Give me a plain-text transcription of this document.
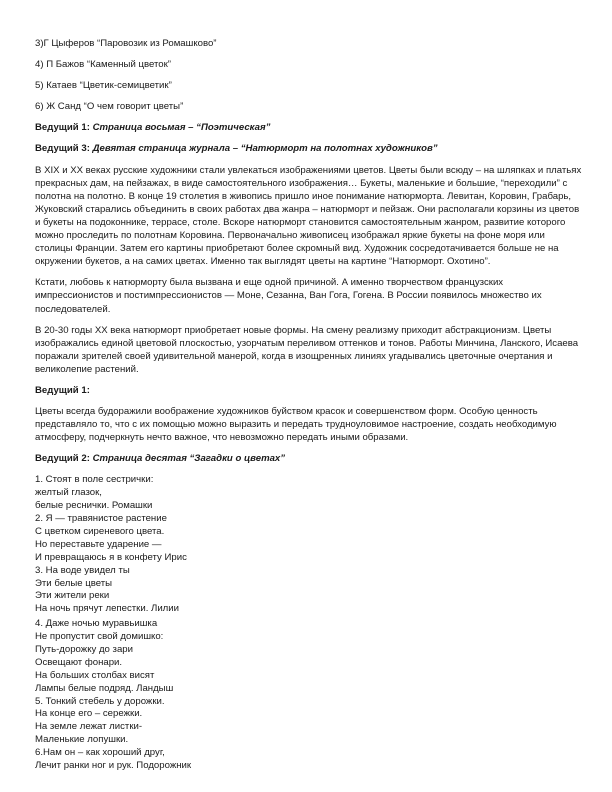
3)Г Цыферов “Паровозик из Ромашково”

4) П Бажов “Каменный цветок”

5) Катаев “Цветик-семицветик”

6) Ж Санд “О чем говорит цветы”

Ведущий 1: Страница восьмая – “Поэтическая”

Ведущий 3: Девятая страница журнала – “Натюрморт на полотнах художников”

В XIX и XX веках русские художники стали увлекаться изображениями цветов. Цветы были всюду – на шляпках и платьях прекрасных дам, на пейзажах, в виде самостоятельного изображения… Букеты, маленькие и большие, “переходили” с полотна на полотно. В конце 19 столетия в живопись пришло иное понимание натюрморта. Левитан, Коровин, Грабарь, Жуковский старались объединить в своих работах два жанра – натюрморт и пейзаж. Они располагали корзины из цветов и букеты на подоконнике, террасе, столе. Вскоре натюрморт становится самостоятельным жанром, развитие которого можно проследить по полотнам Коровина. Первоначально живописец изображал яркие букеты на фоне моря или столицы Франции. Затем его картины приобретают более скромный вид. Художник сосредотачивается больше не на окружении букетов, а на самих цветах. Именно так выглядят цветы на картине “Натюрморт. Охотино”.

Кстати, любовь к натюрморту была вызвана и еще одной причиной. А именно творчеством французских импрессионистов и постимпрессионистов — Моне, Сезанна, Ван Гога, Гогена. В России появилось множество их последователей.

В 20-30 годы XX века натюрморт приобретает новые формы. На смену реализму приходит абстракционизм. Цветы изображались единой цветовой плоскостью, узорчатым переливом оттенков и тонов. Работы Минчина, Ланского, Исаева поражали зрителей своей удивительной манерой, когда в изощренных линиях угадывались цветочные очертания и великолепие растений.

Ведущий 1:

Цветы всегда будоражили воображение художников буйством красок и совершенством форм. Особую ценность представляло то, что с их помощью можно выразить и передать трудноуловимое настроение, создать необходимую атмосферу, подчеркнуть нечто важное, что невозможно передать иными образами.

Ведущий 2: Страница десятая “Загадки о цветах”

1. Стоят в поле сестрички:
желтый глазок,
белые реснички. Ромашки
2. Я — травянистое растение
С цветком сиреневого цвета.
Но переставьте ударение —
И превращаюсь я в конфету Ирис
3. На воде увидел ты
Эти белые цветы
Эти жители реки
На ночь прячут лепестки. Лилии
4. Даже ночью муравьишка
Не пропустит свой домишко:
Путь-дорожку до зари
Освещают фонари.
На больших столбах висят
Лампы белые подряд. Ландыш
5. Тонкий стебель у дорожки.
На конце его – сережки.
На земле лежат листки-
Маленькие лопушки.
6.Нам он – как хороший друг,
Лечит ранки ног и рук. Подорожник
